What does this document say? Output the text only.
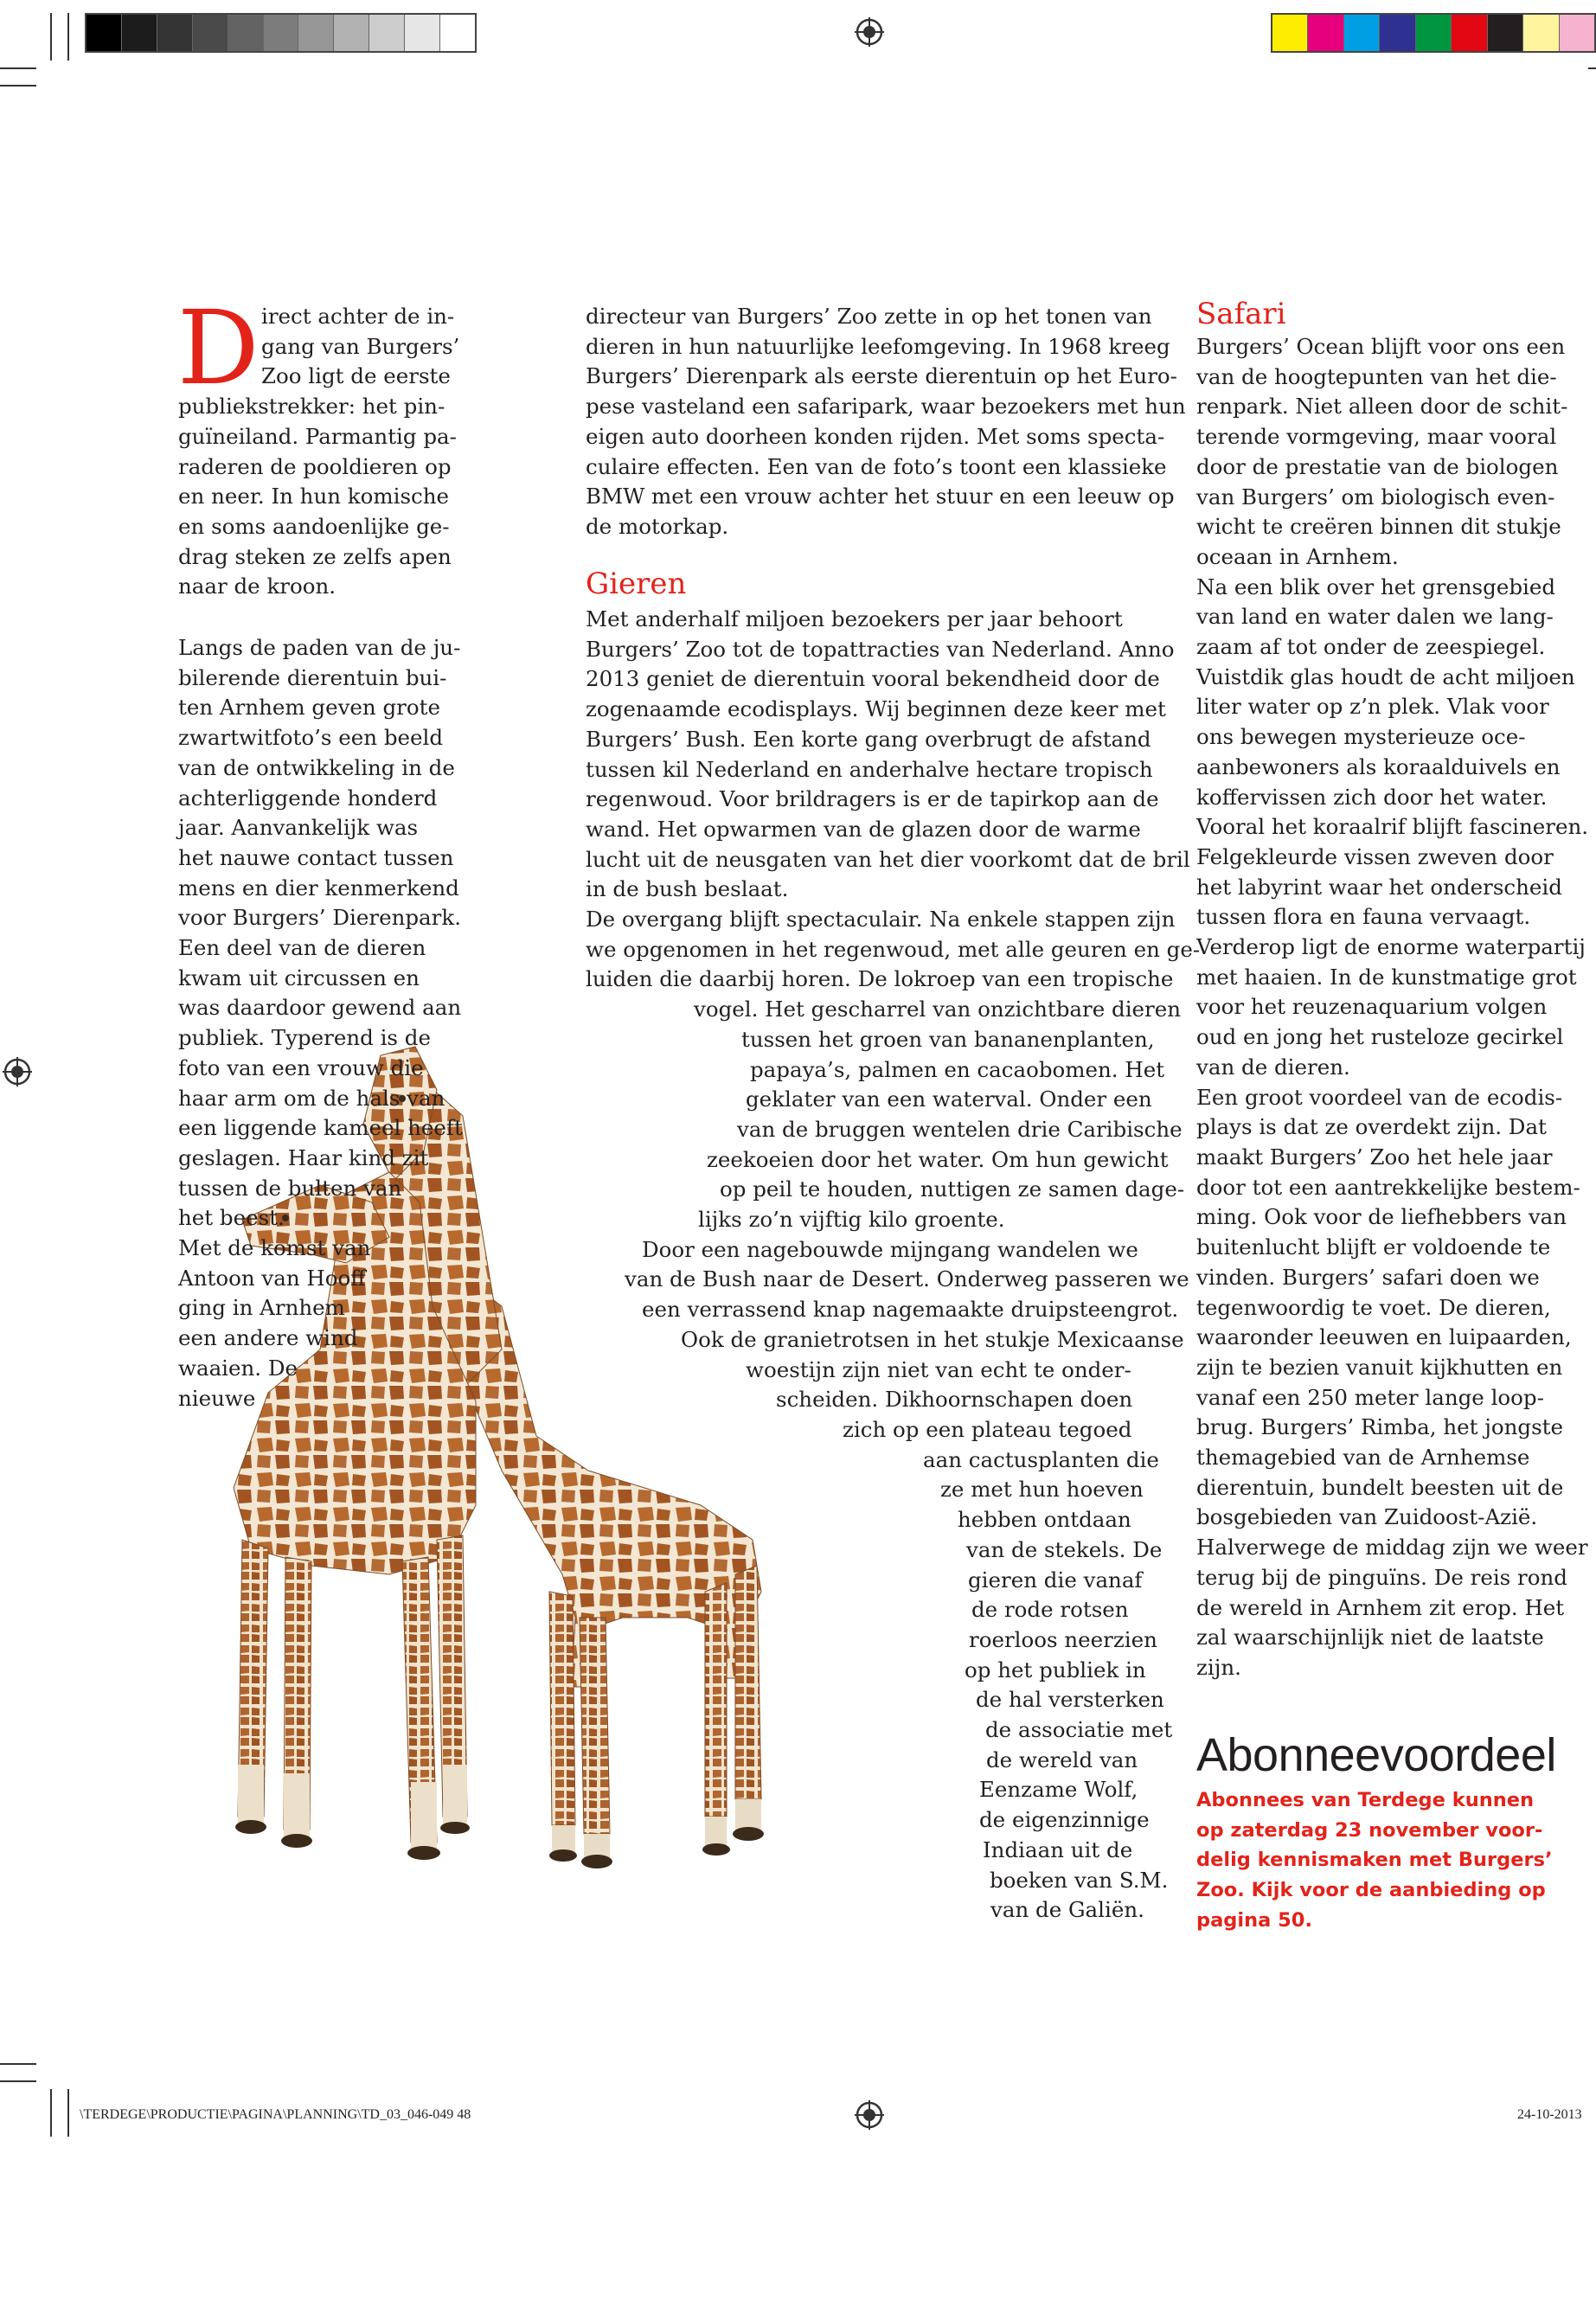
D irect achter de in-
gang van Burgers’
Zoo ligt de eerste
publiekstrekker: het pin-
guïneiland. Parmantig pa-
raderen de pooldieren op
en neer. In hun komische
en soms aandoenlijke ge-
drag steken ze zelfs apen
naar de kroon.
Langs de paden van de ju-
bilerende dierentuin bui-
ten Arnhem geven grote
zwartwitfoto’s een beeld
van de ontwikkeling in de
achterliggende honderd
jaar. Aanvankelijk was
het nauwe contact tussen
mens en dier kenmerkend
voor Burgers’ Dierenpark.
Een deel van de dieren
kwam uit circussen en
was daardoor gewend aan
publiek. Typerend is de
foto van een vrouw die
haar arm om de hals van
een liggende kameel heeft
geslagen. Haar kind zit
tussen de bulten van
het beest.
Met de komst van
Antoon van Hooff
ging in Arnhem
een andere wind
waaien. De
nieuwe
directeur van Burgers’ Zoo zette in op het tonen van
dieren in hun natuurlijke leefomgeving. In 1968 kreeg
Burgers’ Dierenpark als eerste dierentuin op het Euro-
pese vasteland een safaripark, waar bezoekers met hun
eigen auto doorheen konden rijden. Met soms specta-
culaire effecten. Een van de foto’s toont een klassieke
BMW met een vrouw achter het stuur en een leeuw op
de motorkap.
Gieren
Met anderhalf miljoen bezoekers per jaar behoort
Burgers’ Zoo tot de topattracties van Nederland. Anno
2013 geniet de dierentuin vooral bekendheid door de
zogenaamde ecodisplays. Wij beginnen deze keer met
Burgers’ Bush. Een korte gang overbrugt de afstand
tussen kil Nederland en anderhalve hectare tropisch
regenwoud. Voor brildragers is er de tapirkop aan de
wand. Het opwarmen van de glazen door de warme
lucht uit de neusgaten van het dier voorkomt dat de bril
in de bush beslaat.
De overgang blijft spectaculair. Na enkele stappen zijn
we opgenomen in het regenwoud, met alle geuren en ge-
luiden die daarbij horen. De lokroep van een tropische
vogel. Het gescharrel van onzichtbare dieren
tussen het groen van bananenplanten,
papaya’s, palmen en cacaobomen. Het
geklater van een waterval. Onder een
van de bruggen wentelen drie Caribische
zeekoeien door het water. Om hun gewicht
op peil te houden, nuttigen ze samen dage-
lijks zo’n vijftig kilo groente.
Door een nagebouwde mijngang wandelen we
van de Bush naar de Desert. Onderweg passeren we
een verrassend knap nagemaakte druipsteengrot.
Ook de granietrotsen in het stukje Mexicaanse
woestijn zijn niet van echt te onder-
scheiden. Dikhoornschapen doen
zich op een plateau tegoed
aan cactusplanten die
ze met hun hoeven
hebben ontdaan
van de stekels. De
gieren die vanaf
de rode rotsen
roerloos neerzien
op het publiek in
de hal versterken
de associatie met
de wereld van
Eenzame Wolf,
de eigenzinnige
Indiaan uit de
boeken van S.M.
van de Galiën.
Safari
Burgers’ Ocean blijft voor ons een
van de hoogtepunten van het die-
renpark. Niet alleen door de schit-
terende vormgeving, maar vooral
door de prestatie van de biologen
van Burgers’ om biologisch even-
wicht te creëren binnen dit stukje
oceaan in Arnhem.
Na een blik over het grensgebied
van land en water dalen we lang-
zaam af tot onder de zeespiegel.
Vuistdik glas houdt de acht miljoen
liter water op z’n plek. Vlak voor
ons bewegen mysterieuze oce-
aanbewoners als koraalduivels en
koffervissen zich door het water.
Vooral het koraalrif blijft fascineren.
Felgekleurde vissen zweven door
het labyrint waar het onderscheid
tussen flora en fauna vervaagt.
Verderop ligt de enorme waterpartij
met haaien. In de kunstmatige grot
voor het reuzenaquarium volgen
oud en jong het rusteloze gecirkel
van de dieren.
Een groot voordeel van de ecodis-
plays is dat ze overdekt zijn. Dat
maakt Burgers’ Zoo het hele jaar
door tot een aantrekkelijke bestem-
ming. Ook voor de liefhebbers van
buitenlucht blijft er voldoende te
vinden. Burgers’ safari doen we
tegenwoordig te voet. De dieren,
waaronder leeuwen en luipaarden,
zijn te bezien vanuit kijkhutten en
vanaf een 250 meter lange loop-
brug. Burgers’ Rimba, het jongste
themagebied van de Arnhemse
dierentuin, bundelt beesten uit de
bosgebieden van Zuidoost-Azië.
Halverwege de middag zijn we weer
terug bij de pinguïns. De reis rond
de wereld in Arnhem zit erop. Het
zal waarschijnlijk niet de laatste
zijn.
Abonneevoordeel
Abonnees van Terdege kunnen
op zaterdag 23 november voor-
delig kennismaken met Burgers’
Zoo. Kijk voor de aanbieding op
pagina 50.
\TERDEGE\PRODUCTIE\PAGINA\PLANNING\TD_03_046-049 48	24-10-2013
